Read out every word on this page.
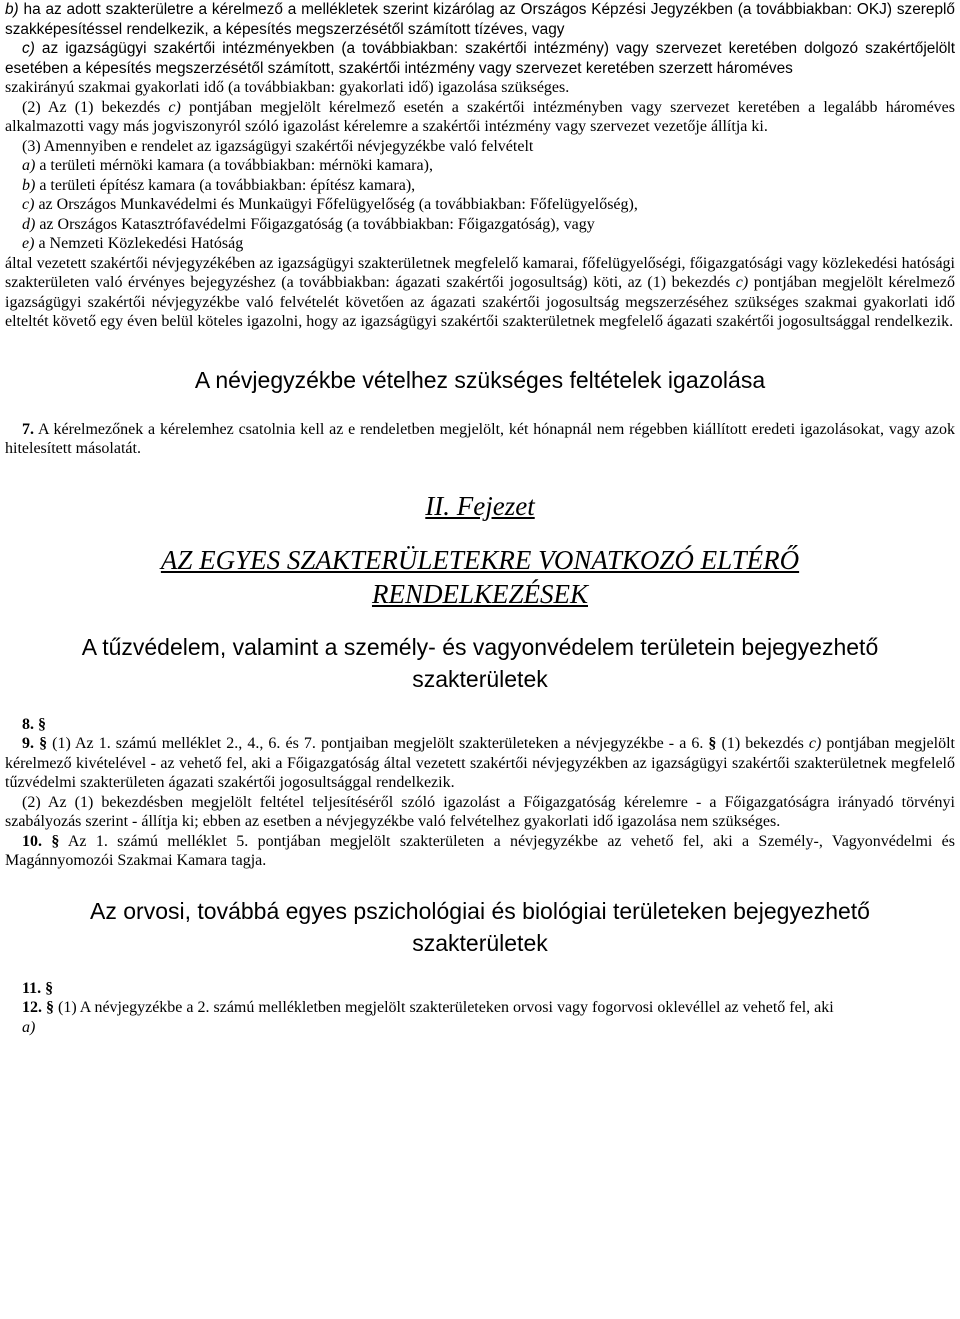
b) ha az adott szakterületre a kérelmező a mellékletek szerint kizárólag az Országos Képzési Jegyzékben (a továbbiakban: OKJ) szereplő szakképesítéssel rendelkezik, a képesítés megszerzésétől számított tízéves, vagy

c) az igazságügyi szakértői intézményekben (a továbbiakban: szakértői intézmény) vagy szervezet keretében dolgozó szakértőjelölt esetében a képesítés megszerzésétől számított, szakértői intézmény vagy szervezet keretében szerzett hároméves

szakirányú szakmai gyakorlati idő (a továbbiakban: gyakorlati idő) igazolása szükséges.

(2) Az (1) bekezdés c) pontjában megjelölt kérelmező esetén a szakértői intézményben vagy szervezet keretében a legalább hároméves alkalmazotti vagy más jogviszonyról szóló igazolást kérelemre a szakértői intézmény vagy szervezet vezetője állítja ki.

(3) Amennyiben e rendelet az igazságügyi szakértői névjegyzékbe való felvételt

a) a területi mérnöki kamara (a továbbiakban: mérnöki kamara),

b) a területi építész kamara (a továbbiakban: építész kamara),

c) az Országos Munkavédelmi és Munkaügyi Főfelügyelőség (a továbbiakban: Főfelügyelőség),

d) az Országos Katasztrófavédelmi Főigazgatóság (a továbbiakban: Főigazgatóság), vagy

e) a Nemzeti Közlekedési Hatóság

által vezetett szakértői névjegyzékében az igazságügyi szakterületnek megfelelő kamarai, főfelügyelőségi, főigazgatósági vagy közlekedési hatósági szakterületen való érvényes bejegyzéshez (a továbbiakban: ágazati szakértői jogosultság) köti, az (1) bekezdés c) pontjában megjelölt kérelmező igazságügyi szakértői névjegyzékbe való felvételét követően az ágazati szakértői jogosultság megszerzéséhez szükséges szakmai gyakorlati idő elteltét követő egy éven belül köteles igazolni, hogy az igazságügyi szakértői szakterületnek megfelelő ágazati szakértői jogosultsággal rendelkezik.

A névjegyzékbe vételhez szükséges feltételek igazolása

7. A kérelmezőnek a kérelemhez csatolnia kell az e rendeletben megjelölt, két hónapnál nem régebben kiállított eredeti igazolásokat, vagy azok hitelesített másolatát.

II. Fejezet
AZ EGYES SZAKTERÜLETEKRE VONATKOZÓ ELTÉRŐ
RENDELKEZÉSEK
A tűzvédelem, valamint a személy- és vagyonvédelem területein bejegyezhető
szakterületek

8. §

9. § (1) Az 1. számú melléklet 2., 4., 6. és 7. pontjaiban megjelölt szakterületeken a névjegyzékbe - a 6. § (1) bekezdés c) pontjában megjelölt kérelmező kivételével - az vehető fel, aki a Főigazgatóság által vezetett szakértői névjegyzékben az igazságügyi szakértői szakterületnek megfelelő tűzvédelmi szakterületen ágazati szakértői jogosultsággal rendelkezik.

(2) Az (1) bekezdésben megjelölt feltétel teljesítéséről szóló igazolást a Főigazgatóság kérelemre - a Főigazgatóságra irányadó törvényi szabályozás szerint - állítja ki; ebben az esetben a névjegyzékbe való felvételhez gyakorlati idő igazolása nem szükséges.

10. § Az 1. számú melléklet 5. pontjában megjelölt szakterületen a névjegyzékbe az vehető fel, aki a Személy-, Vagyonvédelmi és Magánnyomozói Szakmai Kamara tagja.

Az orvosi, továbbá egyes pszichológiai és biológiai területeken bejegyezhető
szakterületek

11. §

12. § (1) A névjegyzékbe a 2. számú mellékletben megjelölt szakterületeken orvosi vagy fogorvosi oklevéllel az vehető fel, aki

a)
